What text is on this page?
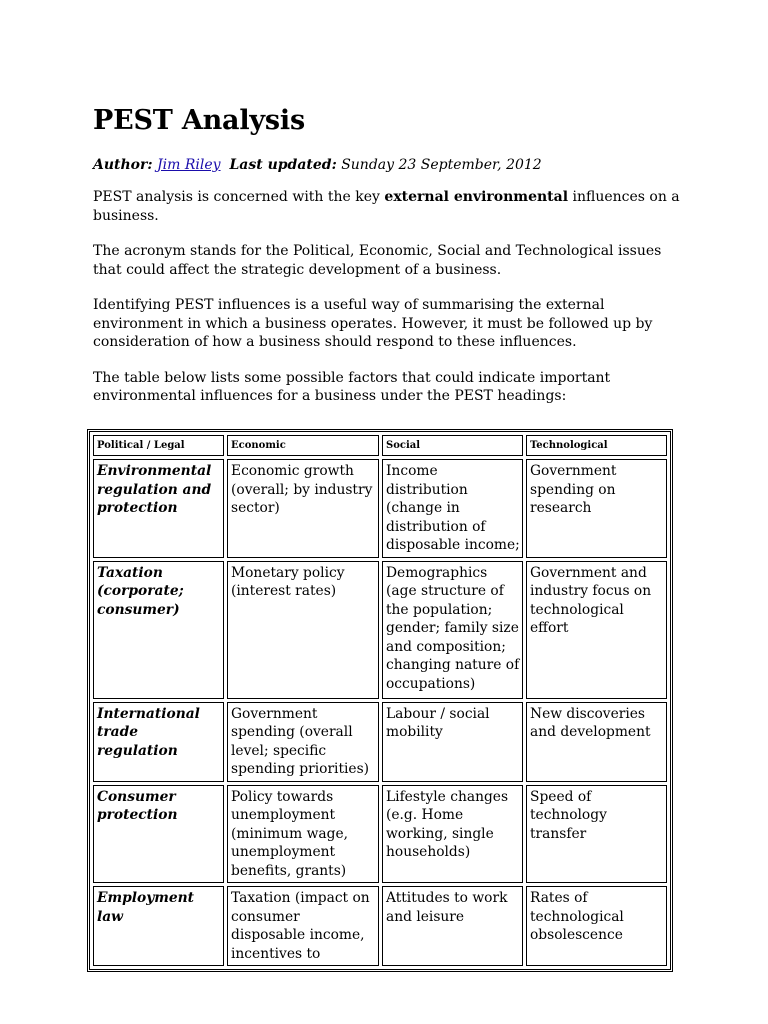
PEST Analysis
Author: Jim Riley Last updated: Sunday 23 September, 2012

PEST analysis is concerned with the key external environmental influences on a business.

The acronym stands for the Political, Economic, Social and Technological issues that could affect the strategic development of a business.

Identifying PEST influences is a useful way of summarising the external environment in which a business operates. However, it must be followed up by consideration of how a business should respond to these influences.

The table below lists some possible factors that could indicate important environmental influences for a business under the PEST headings:

Political / Legal	Economic	Social	Technological
Environmental regulation and protection	Economic growth (overall; by industry sector)	Income distribution (change in distribution of disposable income;	Government spending on research
Taxation (corporate; consumer)	Monetary policy (interest rates)	Demographics (age structure of the population; gender; family size and composition; changing nature of occupations)	Government and industry focus on technological effort
International trade regulation	Government spending (overall level; specific spending priorities)	Labour / social mobility	New discoveries and development
Consumer protection	Policy towards unemployment (minimum wage, unemployment benefits, grants)	Lifestyle changes (e.g. Home working, single households)	Speed of technology transfer
Employment law	Taxation (impact on consumer disposable income, incentives to	Attitudes to work and leisure	Rates of technological obsolescence
